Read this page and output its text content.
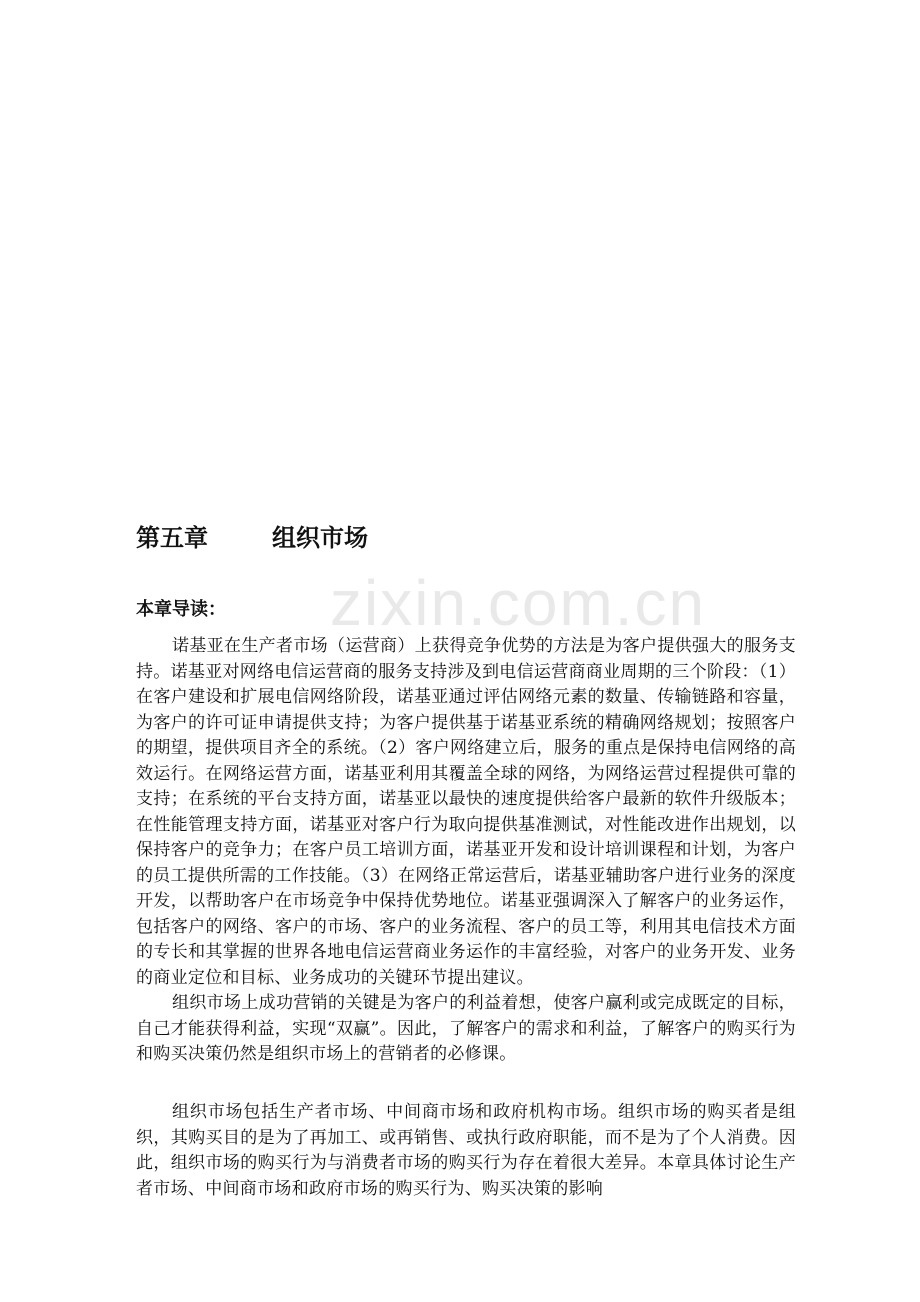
zixin.com.cn
第五章	组织市场
本章导读：

诺基亚在生产者市场（运营商）上获得竞争优势的方法是为客户提供强大的服务支持。诺基亚对网络电信运营商的服务支持涉及到电信运营商商业周期的三个阶段：（1）在客户建设和扩展电信网络阶段，诺基亚通过评估网络元素的数量、传输链路和容量，为客户的许可证申请提供支持；为客户提供基于诺基亚系统的精确网络规划；按照客户的期望，提供项目齐全的系统。（2）客户网络建立后，服务的重点是保持电信网络的高效运行。在网络运营方面，诺基亚利用其覆盖全球的网络，为网络运营过程提供可靠的支持；在系统的平台支持方面，诺基亚以最快的速度提供给客户最新的软件升级版本；在性能管理支持方面，诺基亚对客户行为取向提供基准测试，对性能改进作出规划，以保持客户的竞争力；在客户员工培训方面，诺基亚开发和设计培训课程和计划，为客户的员工提供所需的工作技能。（3）在网络正常运营后，诺基亚辅助客户进行业务的深度开发，以帮助客户在市场竞争中保持优势地位。诺基亚强调深入了解客户的业务运作，包括客户的网络、客户的市场、客户的业务流程、客户的员工等，利用其电信技术方面的专长和其掌握的世界各地电信运营商业务运作的丰富经验，对客户的业务开发、业务的商业定位和目标、业务成功的关键环节提出建议。

组织市场上成功营销的关键是为客户的利益着想，使客户赢利或完成既定的目标，自己才能获得利益，实现“双赢”。因此，了解客户的需求和利益，了解客户的购买行为和购买决策仍然是组织市场上的营销者的必修课。

组织市场包括生产者市场、中间商市场和政府机构市场。组织市场的购买者是组织，其购买目的是为了再加工、或再销售、或执行政府职能，而不是为了个人消费。因此，组织市场的购买行为与消费者市场的购买行为存在着很大差异。本章具体讨论生产者市场、中间商市场和政府市场的购买行为、购买决策的影响
